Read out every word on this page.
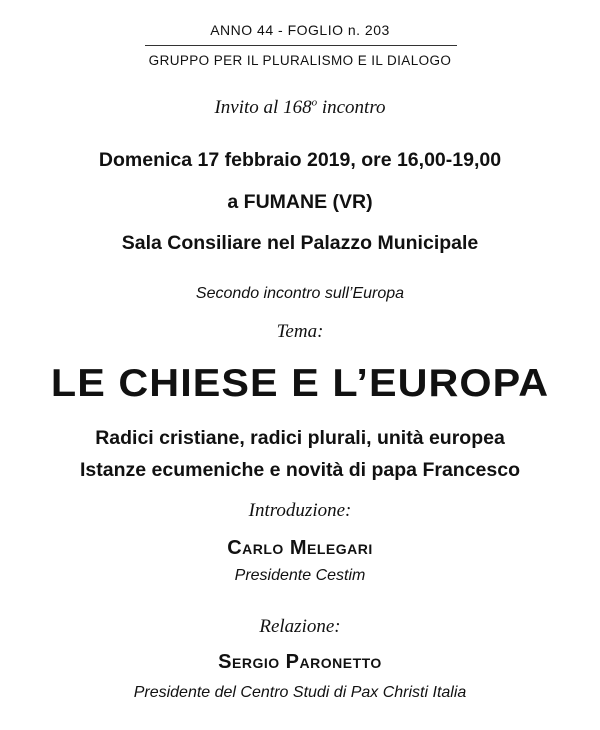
ANNO 44 - FOGLIO n. 203
GRUPPO PER IL PLURALISMO E IL DIALOGO
Invito al 168$^o$ incontro
Domenica 17 febbraio 2019, ore 16,00-19,00
a FUMANE (VR)
Sala Consiliare nel Palazzo Municipale
Secondo incontro sull’Europa
Tema:
LE CHIESE E L’EUROPA
Radici cristiane, radici plurali, unità europea
Istanze ecumeniche e novità di papa Francesco
Introduzione:
Carlo Melegari
Presidente Cestim
Relazione:
Sergio Paronetto
Presidente del Centro Studi di Pax Christi Italia
